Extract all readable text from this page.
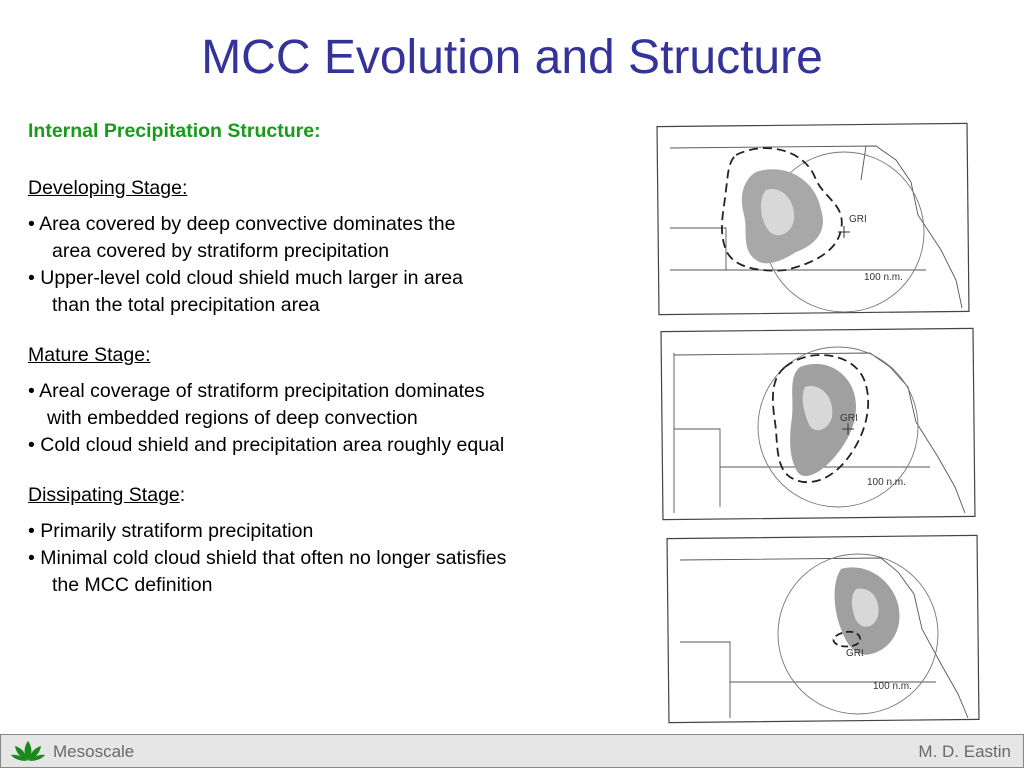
MCC Evolution and Structure
Internal Precipitation Structure:
Developing Stage:
• Area covered by deep convective dominates the
area covered by stratiform precipitation
• Upper-level cold cloud shield much larger in area
than the total precipitation area
Mature Stage:
• Areal coverage of stratiform precipitation dominates
with embedded regions of deep convection
• Cold cloud shield and precipitation area roughly equal
Dissipating Stage:
• Primarily stratiform precipitation
• Minimal cold cloud shield that often no longer satisfies
the MCC definition
GRI
100 n.m.
GRI
100 n.m.
GRI
100 n.m.
Mesoscale	M. D. Eastin
